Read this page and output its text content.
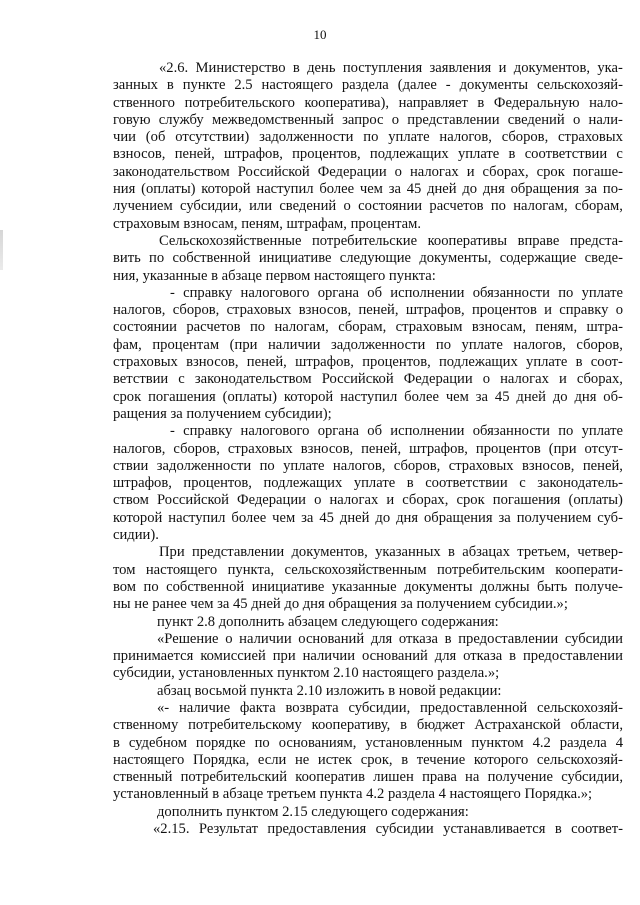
10
«2.6. Министерство в день поступления заявления и документов, ука-
занных в пункте 2.5 настоящего раздела (далее - документы сельскохозяй-
ственного потребительского кооператива), направляет в Федеральную нало-
говую службу межведомственный запрос о представлении сведений о нали-
чии (об отсутствии) задолженности по уплате налогов, сборов, страховых
взносов, пеней, штрафов, процентов, подлежащих уплате в соответствии с
законодательством Российской Федерации о налогах и сборах, срок погаше-
ния (оплаты) которой наступил более чем за 45 дней до дня обращения за по-
лучением субсидии, или сведений о состоянии расчетов по налогам, сборам,
страховым взносам, пеням, штрафам, процентам.
Сельскохозяйственные потребительские кооперативы вправе предста-
вить по собственной инициативе следующие документы, содержащие сведе-
ния, указанные в абзаце первом настоящего пункта:
- справку налогового органа об исполнении обязанности по уплате
налогов, сборов, страховых взносов, пеней, штрафов, процентов и справку о
состоянии расчетов по налогам, сборам, страховым взносам, пеням, штра-
фам, процентам (при наличии задолженности по уплате налогов, сборов,
страховых взносов, пеней, штрафов, процентов, подлежащих уплате в соот-
ветствии с законодательством Российской Федерации о налогах и сборах,
срок погашения (оплаты) которой наступил более чем за 45 дней до дня об-
ращения за получением субсидии);
- справку налогового органа об исполнении обязанности по уплате
налогов, сборов, страховых взносов, пеней, штрафов, процентов (при отсут-
ствии задолженности по уплате налогов, сборов, страховых взносов, пеней,
штрафов, процентов, подлежащих уплате в соответствии с законодатель-
ством Российской Федерации о налогах и сборах, срок погашения (оплаты)
которой наступил более чем за 45 дней до дня обращения за получением суб-
сидии).
При представлении документов, указанных в абзацах третьем, четвер-
том настоящего пункта, сельскохозяйственным потребительским кооперати-
вом по собственной инициативе указанные документы должны быть получе-
ны не ранее чем за 45 дней до дня обращения за получением субсидии.»;
пункт 2.8 дополнить абзацем следующего содержания:
«Решение о наличии оснований для отказа в предоставлении субсидии
принимается комиссией при наличии оснований для отказа в предоставлении
субсидии, установленных пунктом 2.10 настоящего раздела.»;
абзац восьмой пункта 2.10 изложить в новой редакции:
«- наличие факта возврата субсидии, предоставленной сельскохозяй-
ственному потребительскому кооперативу, в бюджет Астраханской области,
в судебном порядке по основаниям, установленным пунктом 4.2 раздела 4
настоящего Порядка, если не истек срок, в течение которого сельскохозяй-
ственный потребительский кооператив лишен права на получение субсидии,
установленный в абзаце третьем пункта 4.2 раздела 4 настоящего Порядка.»;
дополнить пунктом 2.15 следующего содержания:
«2.15. Результат предоставления субсидии устанавливается в соответ-
